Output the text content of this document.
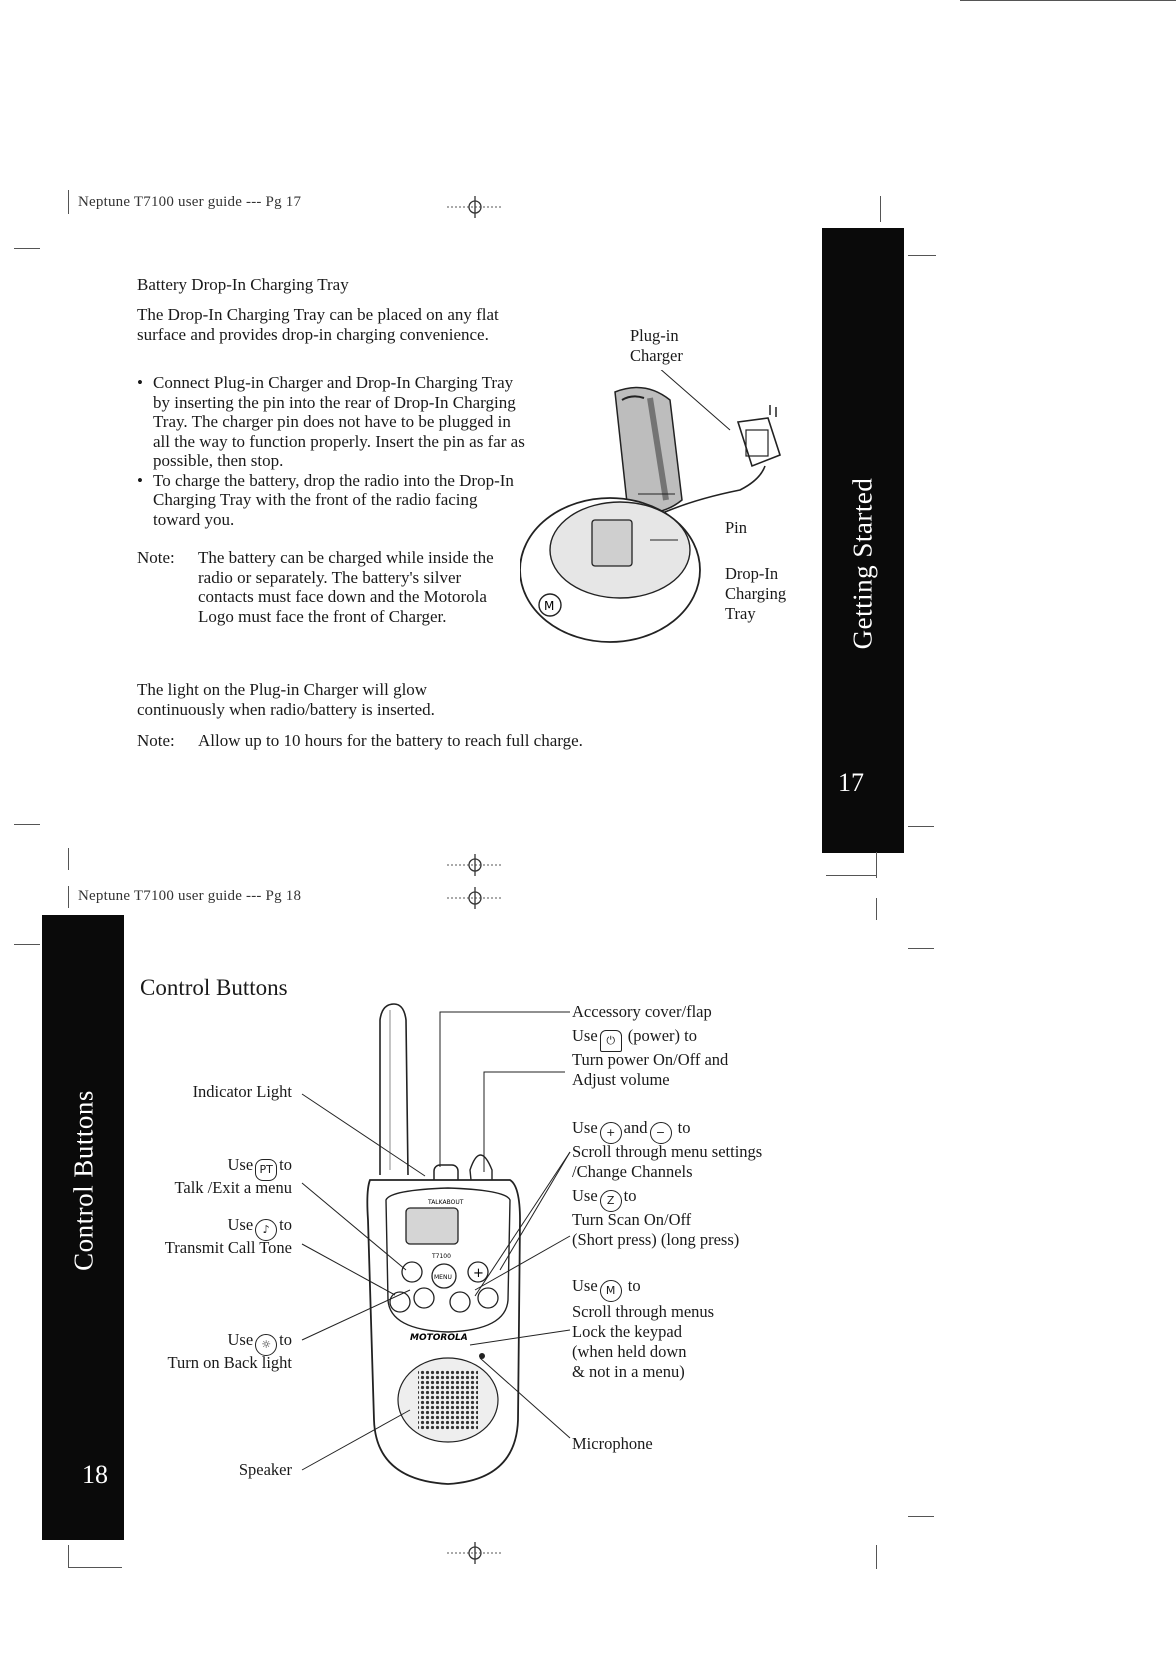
Neptune T7100 user guide --- Pg 17
Battery Drop-In Charging Tray
The Drop-In Charging Tray can be placed on any flat surface and provides drop-in charging convenience.
• Connect Plug-in Charger and Drop-In Charging Tray by inserting the pin into the rear of Drop-In Charging Tray. The charger pin does not have to be plugged in all the way to function properly. Insert the pin as far as possible, then stop.
• To charge the battery, drop the radio into the Drop-In Charging Tray with the front of the radio facing toward you.
Note: The battery can be charged while inside the radio or separately. The battery's silver contacts must face down and the Motorola Logo must face the front of Charger.
The light on the Plug-in Charger will glow continuously when radio/battery is inserted.
Note: Allow up to 10 hours for the battery to reach full charge.
M
Plug-in Charger
Pin
Drop-In Charging Tray	Getting Started
17
Neptune T7100 user guide --- Pg 18
Control Buttons
18
Control Buttons
TALKABOUT
T7100
MENU +
MOTOROLA
Indicator Light
Use PT to
Talk /Exit a menu
Use ♪ to
Transmit Call Tone
Use ☼ to
Turn on Back light
Speaker
Accessory cover/flap
Use ⏻ (power) to
Turn power On/Off and
Adjust volume
Use + and − to
Scroll through menu settings
/Change Channels
Use Z to
Turn Scan On/Off
(Short press) (long press)
Use M to
Scroll through menus
Lock the keypad
(when held down
& not in a menu)
Microphone
